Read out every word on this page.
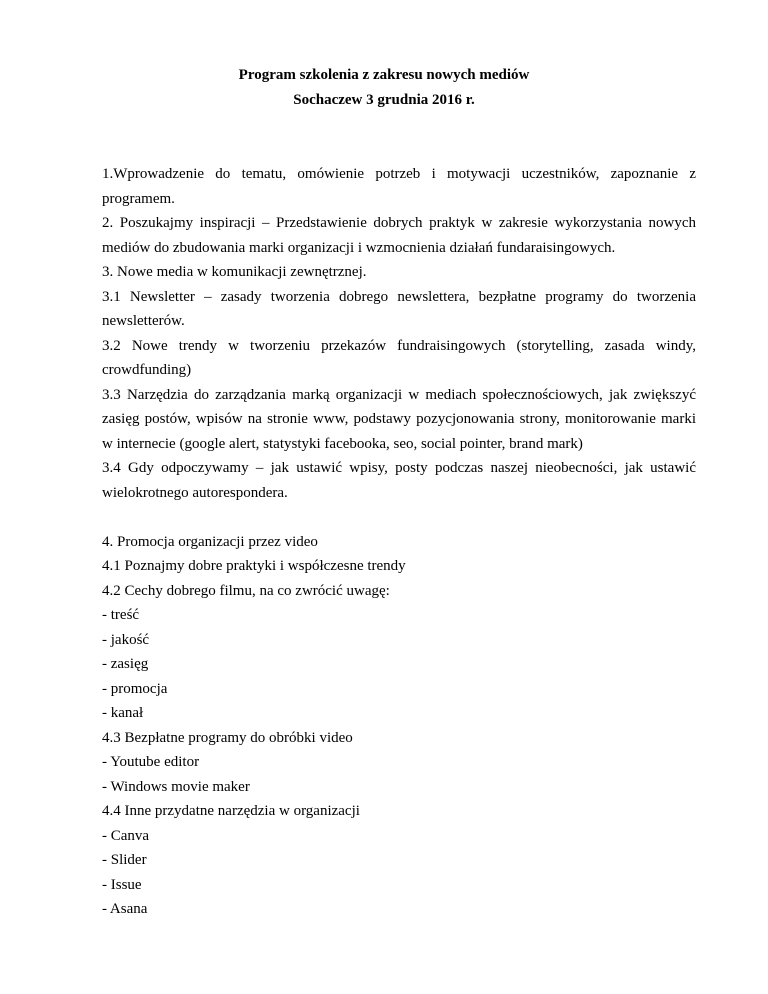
Program szkolenia z zakresu nowych mediów
Sochaczew 3 grudnia 2016 r.

1.Wprowadzenie do tematu, omówienie potrzeb i motywacji uczestników, zapoznanie z programem.

2. Poszukajmy inspiracji – Przedstawienie dobrych praktyk w zakresie wykorzystania nowych mediów do zbudowania marki organizacji i wzmocnienia działań fundaraisingowych.

3. Nowe media w komunikacji zewnętrznej.

3.1 Newsletter – zasady tworzenia dobrego newslettera, bezpłatne programy do tworzenia newsletterów.

3.2 Nowe trendy w tworzeniu przekazów fundraisingowych (storytelling, zasada windy, crowdfunding)

3.3 Narzędzia do zarządzania marką organizacji w mediach społecznościowych, jak zwiększyć zasięg postów, wpisów na stronie www, podstawy pozycjonowania strony, monitorowanie marki w internecie (google alert, statystyki facebooka, seo, social pointer, brand mark)

3.4 Gdy odpoczywamy – jak ustawić wpisy, posty podczas naszej nieobecności, jak ustawić wielokrotnego autorespondera.

4. Promocja organizacji przez video

4.1 Poznajmy dobre praktyki i współczesne trendy

4.2 Cechy dobrego filmu, na co zwrócić uwagę:

- treść

- jakość

- zasięg

- promocja

- kanał

4.3 Bezpłatne programy do obróbki video

- Youtube editor

- Windows movie maker

4.4 Inne przydatne narzędzia w organizacji

- Canva

- Slider

- Issue

- Asana
